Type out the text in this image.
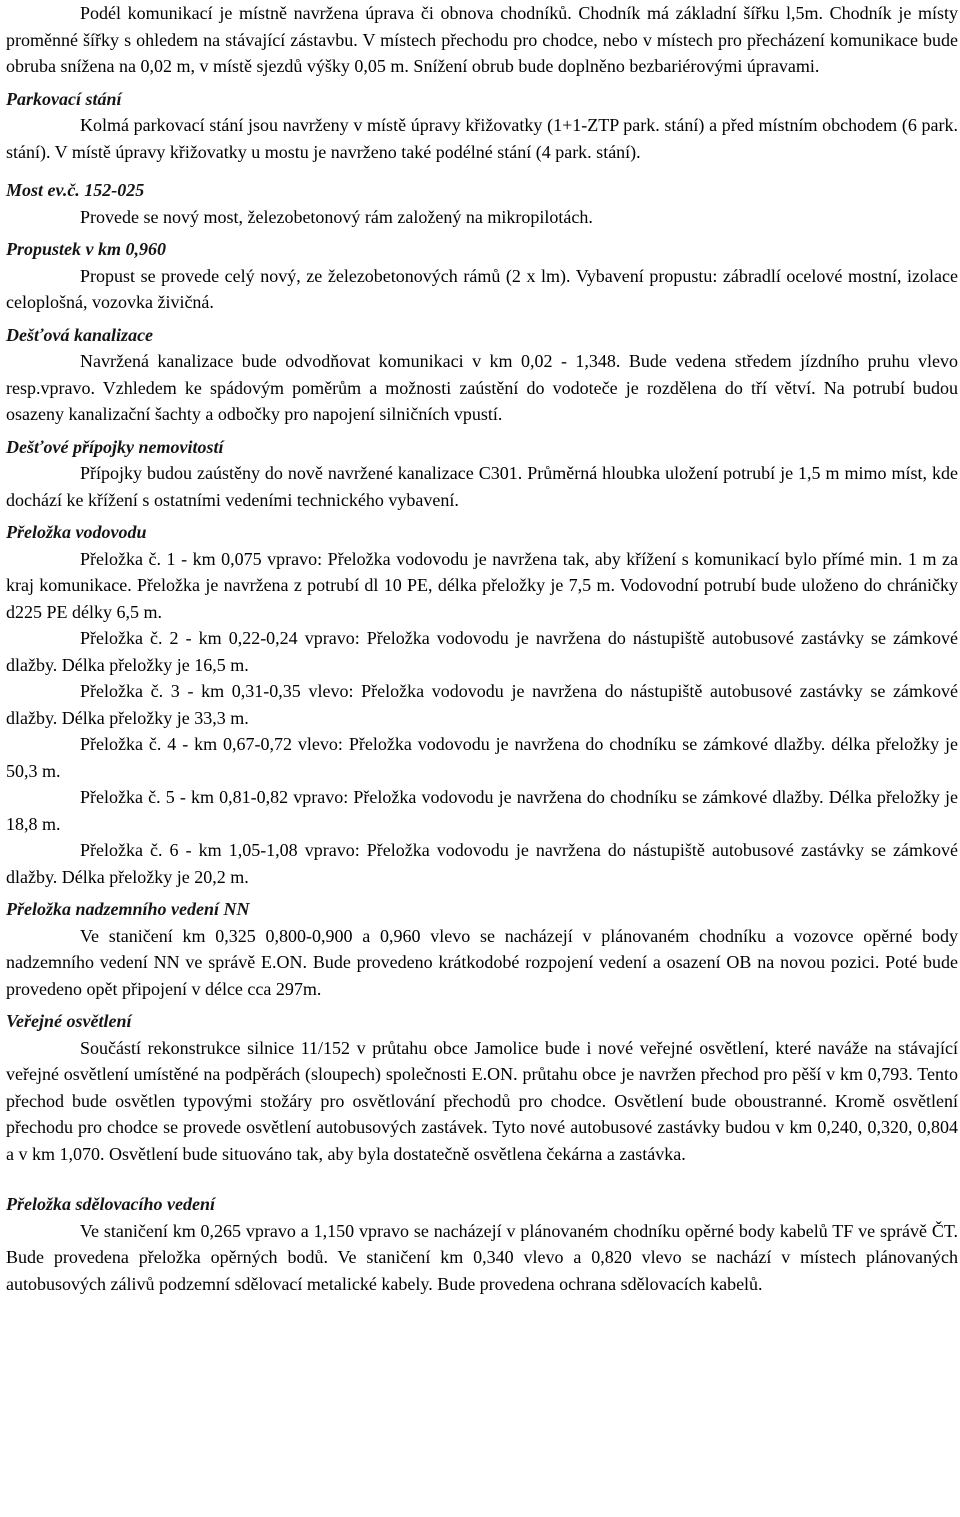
Podél komunikací je místně navržena úprava či obnova chodníků. Chodník má základní šířku l,5m. Chodník je místy proměnné šířky s ohledem na stávající zástavbu. V místech přechodu pro chodce, nebo v místech pro přecházení komunikace bude obruba snížena na 0,02 m, v místě sjezdů výšky 0,05 m. Snížení obrub bude doplněno bezbariérovými úpravami.

Parkovací stání

Kolmá parkovací stání jsou navrženy v místě úpravy křižovatky (1+1-ZTP park. stání) a před místním obchodem (6 park. stání). V místě úpravy křižovatky u mostu je navrženo také podélné stání (4 park. stání).

Most ev.č. 152-025

Provede se nový most, železobetonový rám založený na mikropilotách.

Propustek v km 0,960

Propust se provede celý nový, ze železobetonových rámů (2 x lm). Vybavení propustu: zábradlí ocelové mostní, izolace celoplošná, vozovka živičná.

Dešťová kanalizace

Navržená kanalizace bude odvodňovat komunikaci v km 0,02 - 1,348. Bude vedena středem jízdního pruhu vlevo resp.vpravo. Vzhledem ke spádovým poměrům a možnosti zaústění do vodoteče je rozdělena do tří větví. Na potrubí budou osazeny kanalizační šachty a odbočky pro napojení silničních vpustí.

Dešťové přípojky nemovitostí

Přípojky budou zaústěny do nově navržené kanalizace C301. Průměrná hloubka uložení potrubí je 1,5 m mimo míst, kde dochází ke křížení s ostatními vedeními technického vybavení.

Přeložka vodovodu

Přeložka č. 1 - km 0,075 vpravo: Přeložka vodovodu je navržena tak, aby křížení s komunikací bylo přímé min. 1 m za kraj komunikace. Přeložka je navržena z potrubí dl 10 PE, délka přeložky je 7,5 m. Vodovodní potrubí bude uloženo do chráničky d225 PE délky 6,5 m.

Přeložka č. 2 - km 0,22-0,24 vpravo: Přeložka vodovodu je navržena do nástupiště autobusové zastávky se zámkové dlažby. Délka přeložky je 16,5 m.

Přeložka č. 3 - km 0,31-0,35 vlevo: Přeložka vodovodu je navržena do nástupiště autobusové zastávky se zámkové dlažby. Délka přeložky je 33,3 m.

Přeložka č. 4 - km 0,67-0,72 vlevo: Přeložka vodovodu je navržena do chodníku se zámkové dlažby. délka přeložky je 50,3 m.

Přeložka č. 5 - km 0,81-0,82 vpravo: Přeložka vodovodu je navržena do chodníku se zámkové dlažby. Délka přeložky je 18,8 m.

Přeložka č. 6 - km 1,05-1,08 vpravo: Přeložka vodovodu je navržena do nástupiště autobusové zastávky se zámkové dlažby. Délka přeložky je 20,2 m.

Přeložka nadzemního vedení NN

Ve staničení km 0,325 0,800-0,900 a 0,960 vlevo se nacházejí v plánovaném chodníku a vozovce opěrné body nadzemního vedení NN ve správě E.ON. Bude provedeno krátkodobé rozpojení vedení a osazení OB na novou pozici. Poté bude provedeno opět připojení v délce cca 297m.

Veřejné osvětlení

Součástí rekonstrukce silnice 11/152 v průtahu obce Jamolice bude i nové veřejné osvětlení, které naváže na stávající veřejné osvětlení umístěné na podpěrách (sloupech) společnosti E.ON. průtahu obce je navržen přechod pro pěší v km 0,793. Tento přechod bude osvětlen typovými stožáry pro osvětlování přechodů pro chodce. Osvětlení bude oboustranné. Kromě osvětlení přechodu pro chodce se provede osvětlení autobusových zastávek. Tyto nové autobusové zastávky budou v km 0,240, 0,320, 0,804 a v km 1,070. Osvětlení bude situováno tak, aby byla dostatečně osvětlena čekárna a zastávka.

Přeložka sdělovacího vedení

Ve staničení km 0,265 vpravo a 1,150 vpravo se nacházejí v plánovaném chodníku opěrné body kabelů TF ve správě ČT. Bude provedena přeložka opěrných bodů. Ve staničení km 0,340 vlevo a 0,820 vlevo se nachází v místech plánovaných autobusových zálivů podzemní sdělovací metalické kabely. Bude provedena ochrana sdělovacích kabelů.
